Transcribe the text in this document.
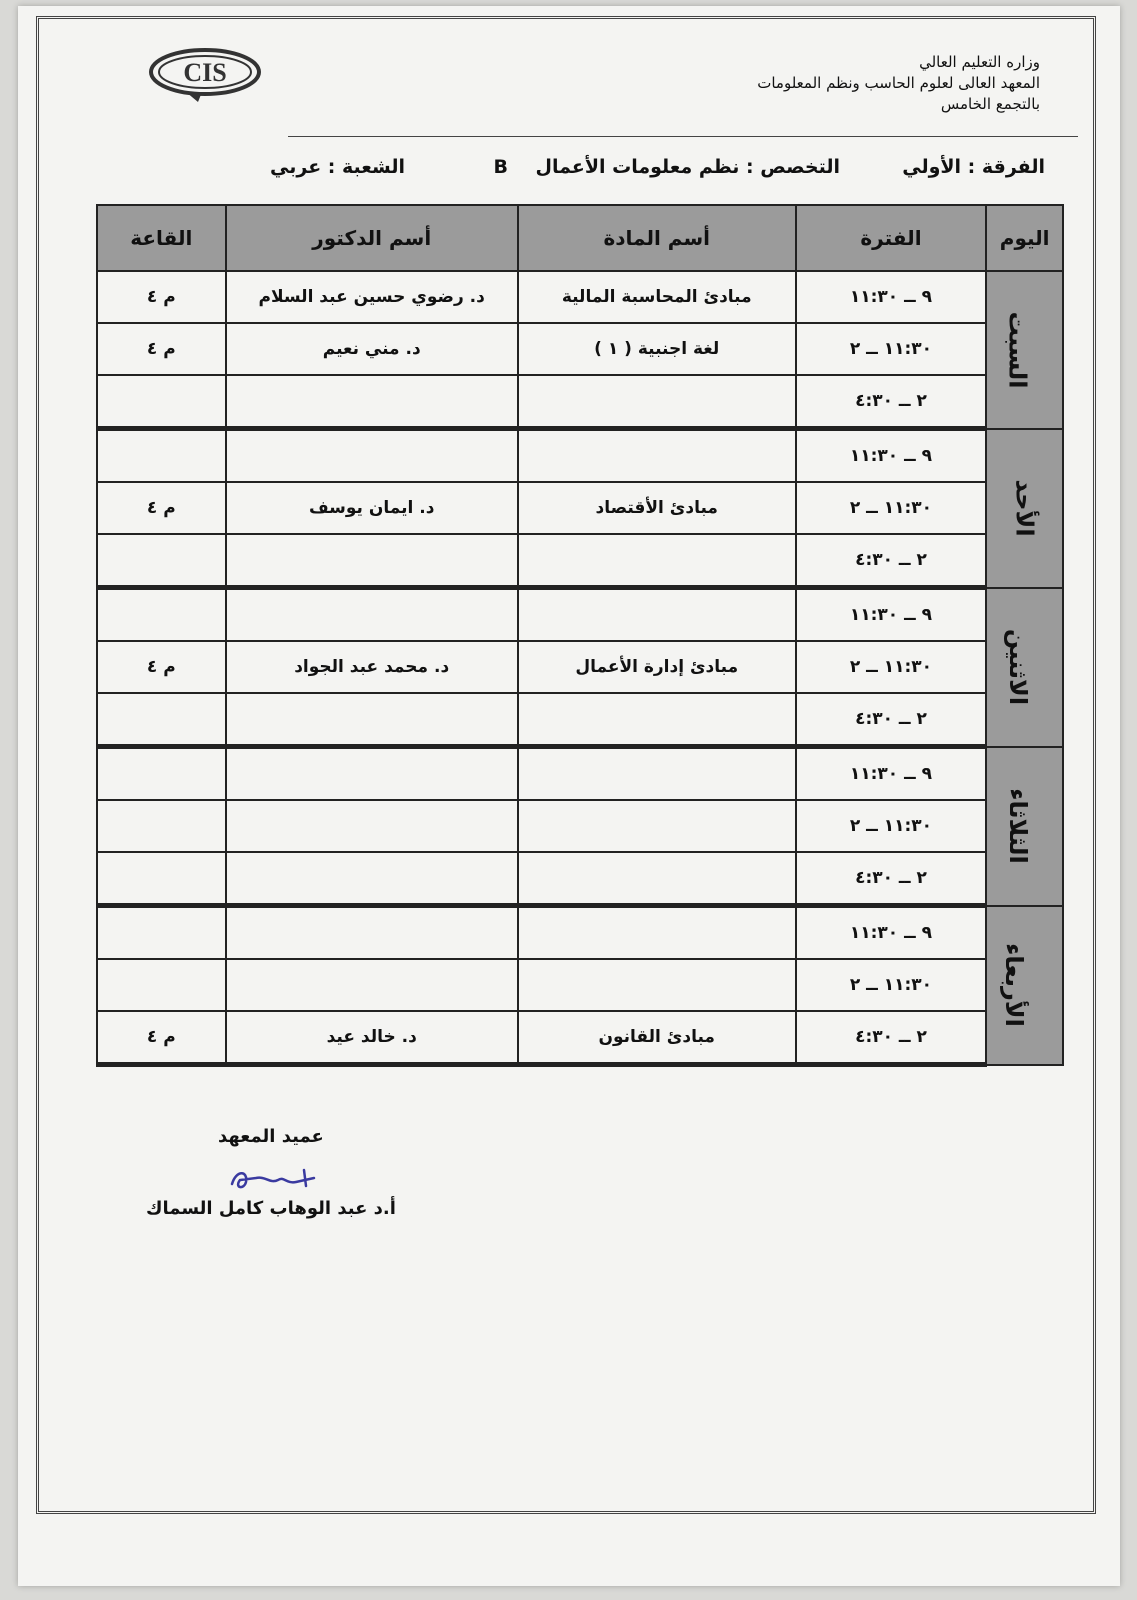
CIS	وزاره التعليم العالي
المعهد العالى لعلوم الحاسب ونظم المعلومات
بالتجمع الخامس
الفرقة : الأولي
التخصص : نظم معلومات الأعمال
B
الشعبة : عربي
اليوم	الفترة	أسم المادة	أسم الدكتور	القاعة
السبت	٩ ــ ١١:٣٠	مبادئ المحاسبة المالية	د. رضوي حسين عبد السلام	م ٤
	١١:٣٠ ــ ٢	لغة اجنبية ( ١ )	د. مني نعيم	م ٤
	٢ ــ ٤:٣٠			
الأحد	٩ ــ ١١:٣٠			
	١١:٣٠ ــ ٢	مبادئ الأقتصاد	د. ايمان يوسف	م ٤
	٢ ــ ٤:٣٠			
الاثنين	٩ ــ ١١:٣٠			
	١١:٣٠ ــ ٢	مبادئ إدارة الأعمال	د. محمد عبد الجواد	م ٤
	٢ ــ ٤:٣٠			
الثلاثاء	٩ ــ ١١:٣٠			
	١١:٣٠ ــ ٢			
	٢ ــ ٤:٣٠			
الأربعاء	٩ ــ ١١:٣٠			
	١١:٣٠ ــ ٢			
	٢ ــ ٤:٣٠	مبادئ القانون	د. خالد عيد	م ٤
عميد المعهد
أ.د عبد الوهاب كامل السماك
